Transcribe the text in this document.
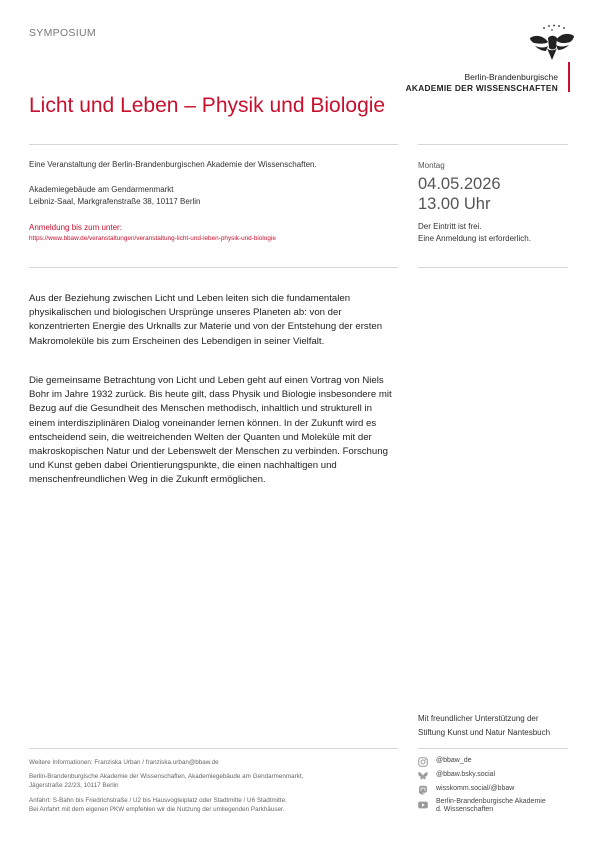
SYMPOSIUM
Berlin-Brandenburgische
AKADEMIE DER WISSENSCHAFTEN
Licht und Leben – Physik und Biologie
Eine Veranstaltung der Berlin-Brandenburgischen Akademie der Wissenschaften.
Akademiegebäude am Gendarmenmarkt
Leibniz-Saal, Markgrafenstraße 38, 10117 Berlin
Anmeldung bis zum unter:
https://www.bbaw.de/veranstaltungen/veranstaltung-licht-und-leben-physik-und-biologie
Montag
04.05.2026
13.00 Uhr
Der Eintritt ist frei.
Eine Anmeldung ist erforderlich.

Aus der Beziehung zwischen Licht und Leben leiten sich die fundamentalen physikalischen und biologischen Ursprünge unseres Planeten ab: von der konzentrierten Energie des Urknalls zur Materie und von der Entstehung der ersten Makromoleküle bis zum Erscheinen des Lebendigen in seiner Vielfalt.

Die gemeinsame Betrachtung von Licht und Leben geht auf einen Vortrag von Niels Bohr im Jahre 1932 zurück. Bis heute gilt, dass Physik und Biologie insbesondere mit Bezug auf die Gesundheit des Menschen methodisch, inhaltlich und strukturell in einem interdisziplinären Dialog voneinander lernen können. In der Zukunft wird es entscheidend sein, die weitreichenden Welten der Quanten und Moleküle mit der makroskopischen Natur und der Lebenswelt der Menschen zu verbinden. Forschung und Kunst geben dabei Orientierungspunkte, die einen nachhaltigen und menschenfreundlichen Weg in die Zukunft ermöglichen.

Mit freundlicher Unterstützung der
Stiftung Kunst und Natur Nantesbuch
Weitere Informationen: Franziska Urban / franziska.urban@bbaw.de
Berlin-Brandenburgische Akademie der Wissenschaften, Akademiegebäude am Gendarmenmarkt,
Jägerstraße 22/23, 10117 Berlin
Anfahrt: S-Bahn bis Friedrichstraße / U2 bis Hausvogteiplatz oder Stadtmitte / U6 Stadtmitte.
Bei Anfahrt mit dem eigenen PKW empfehlen wir die Nutzung der umliegenden Parkhäuser.
@bbaw_de
@bbaw.bsky.social
wisskomm.social/@bbaw
Berlin-Brandenburgische Akademie
d. Wissenschaften
